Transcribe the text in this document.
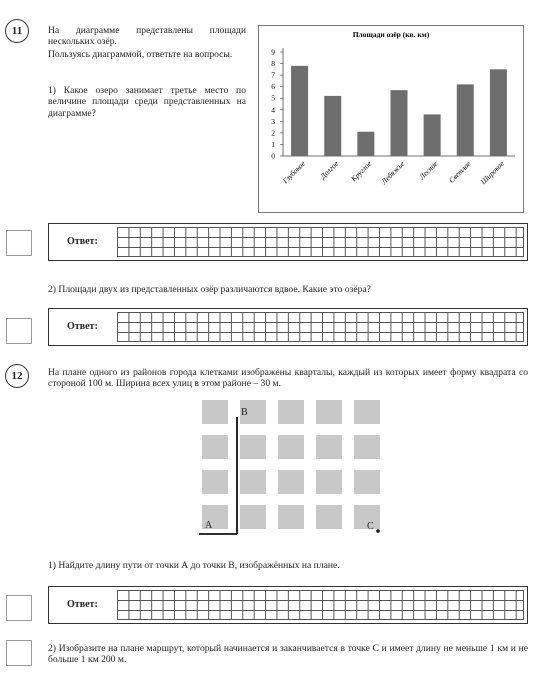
11	На диаграмме представлены площади нескольких озёр.
Пользуясь диаграммой, ответьте на вопросы.
1) Какое озеро занимает третье место по величине площади среди представленных на диаграмме?
Площади озёр (кв. км)
0
1
2
3
4
5
6
7
8
9
Глубокое Долгое Круглое Лебяжье Лесное Светлое Широкое
Ответ:
2) Площади двух из представленных озёр различаются вдвое. Какие это озёра?
Ответ:
12	На плане одного из районов города клетками изображены кварталы, каждый из которых имеет форму квадрата со стороной 100 м. Ширина всех улиц в этом районе – 30 м.
A
B
C
1) Найдите длину пути от точки А до точки В, изображённых на плане.
Ответ:
2) Изобразите на плане маршрут, который начинается и заканчивается в точке С и имеет длину не меньше 1 км и не больше 1 км 200 м.
